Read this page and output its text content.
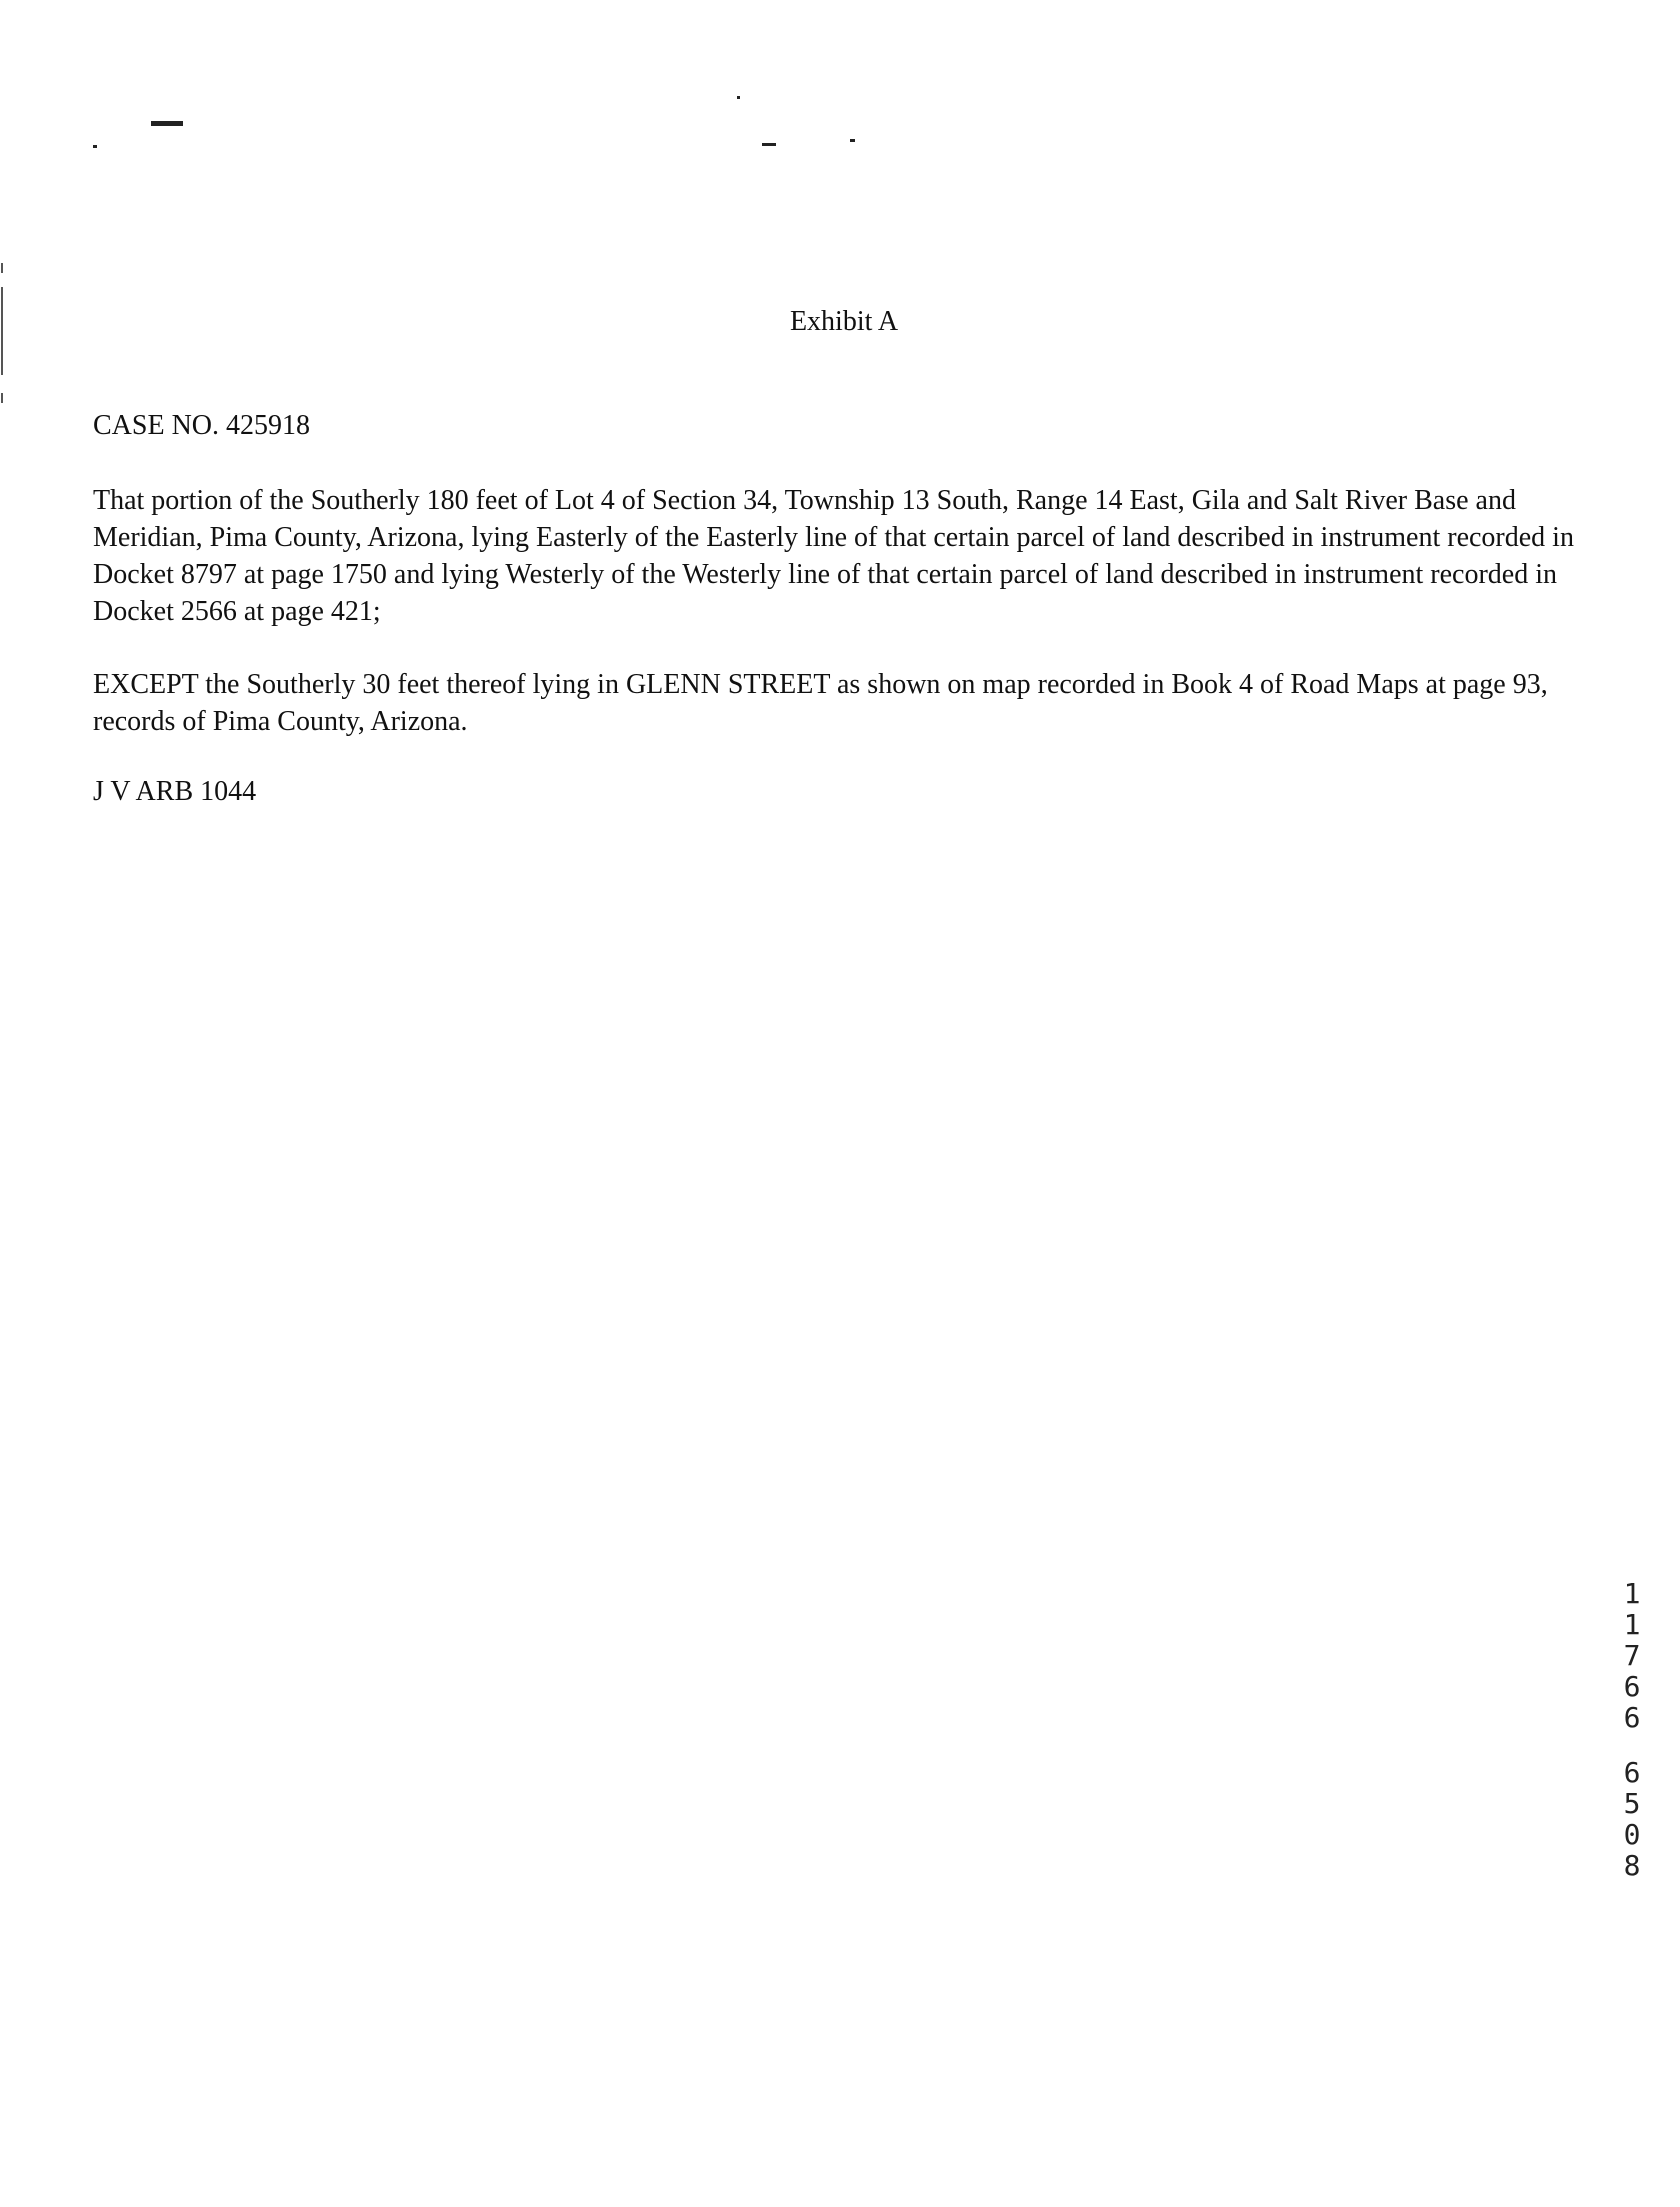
Exhibit A
CASE NO. 425918
That portion of the Southerly 180 feet of Lot 4 of Section 34, Township 13 South, Range 14 East, Gila and Salt River Base and Meridian, Pima County, Arizona, lying Easterly of the Easterly line of that certain parcel of land described in instrument recorded in Docket 8797 at page 1750 and lying Westerly of the Westerly line of that certain parcel of land described in instrument recorded in Docket 2566 at page 421;
EXCEPT the Southerly 30 feet thereof lying in GLENN STREET as shown on map recorded in Book 4 of Road Maps at page 93, records of Pima County, Arizona.
J V ARB 1044
1
1
7
6
6
6
5
0
8
